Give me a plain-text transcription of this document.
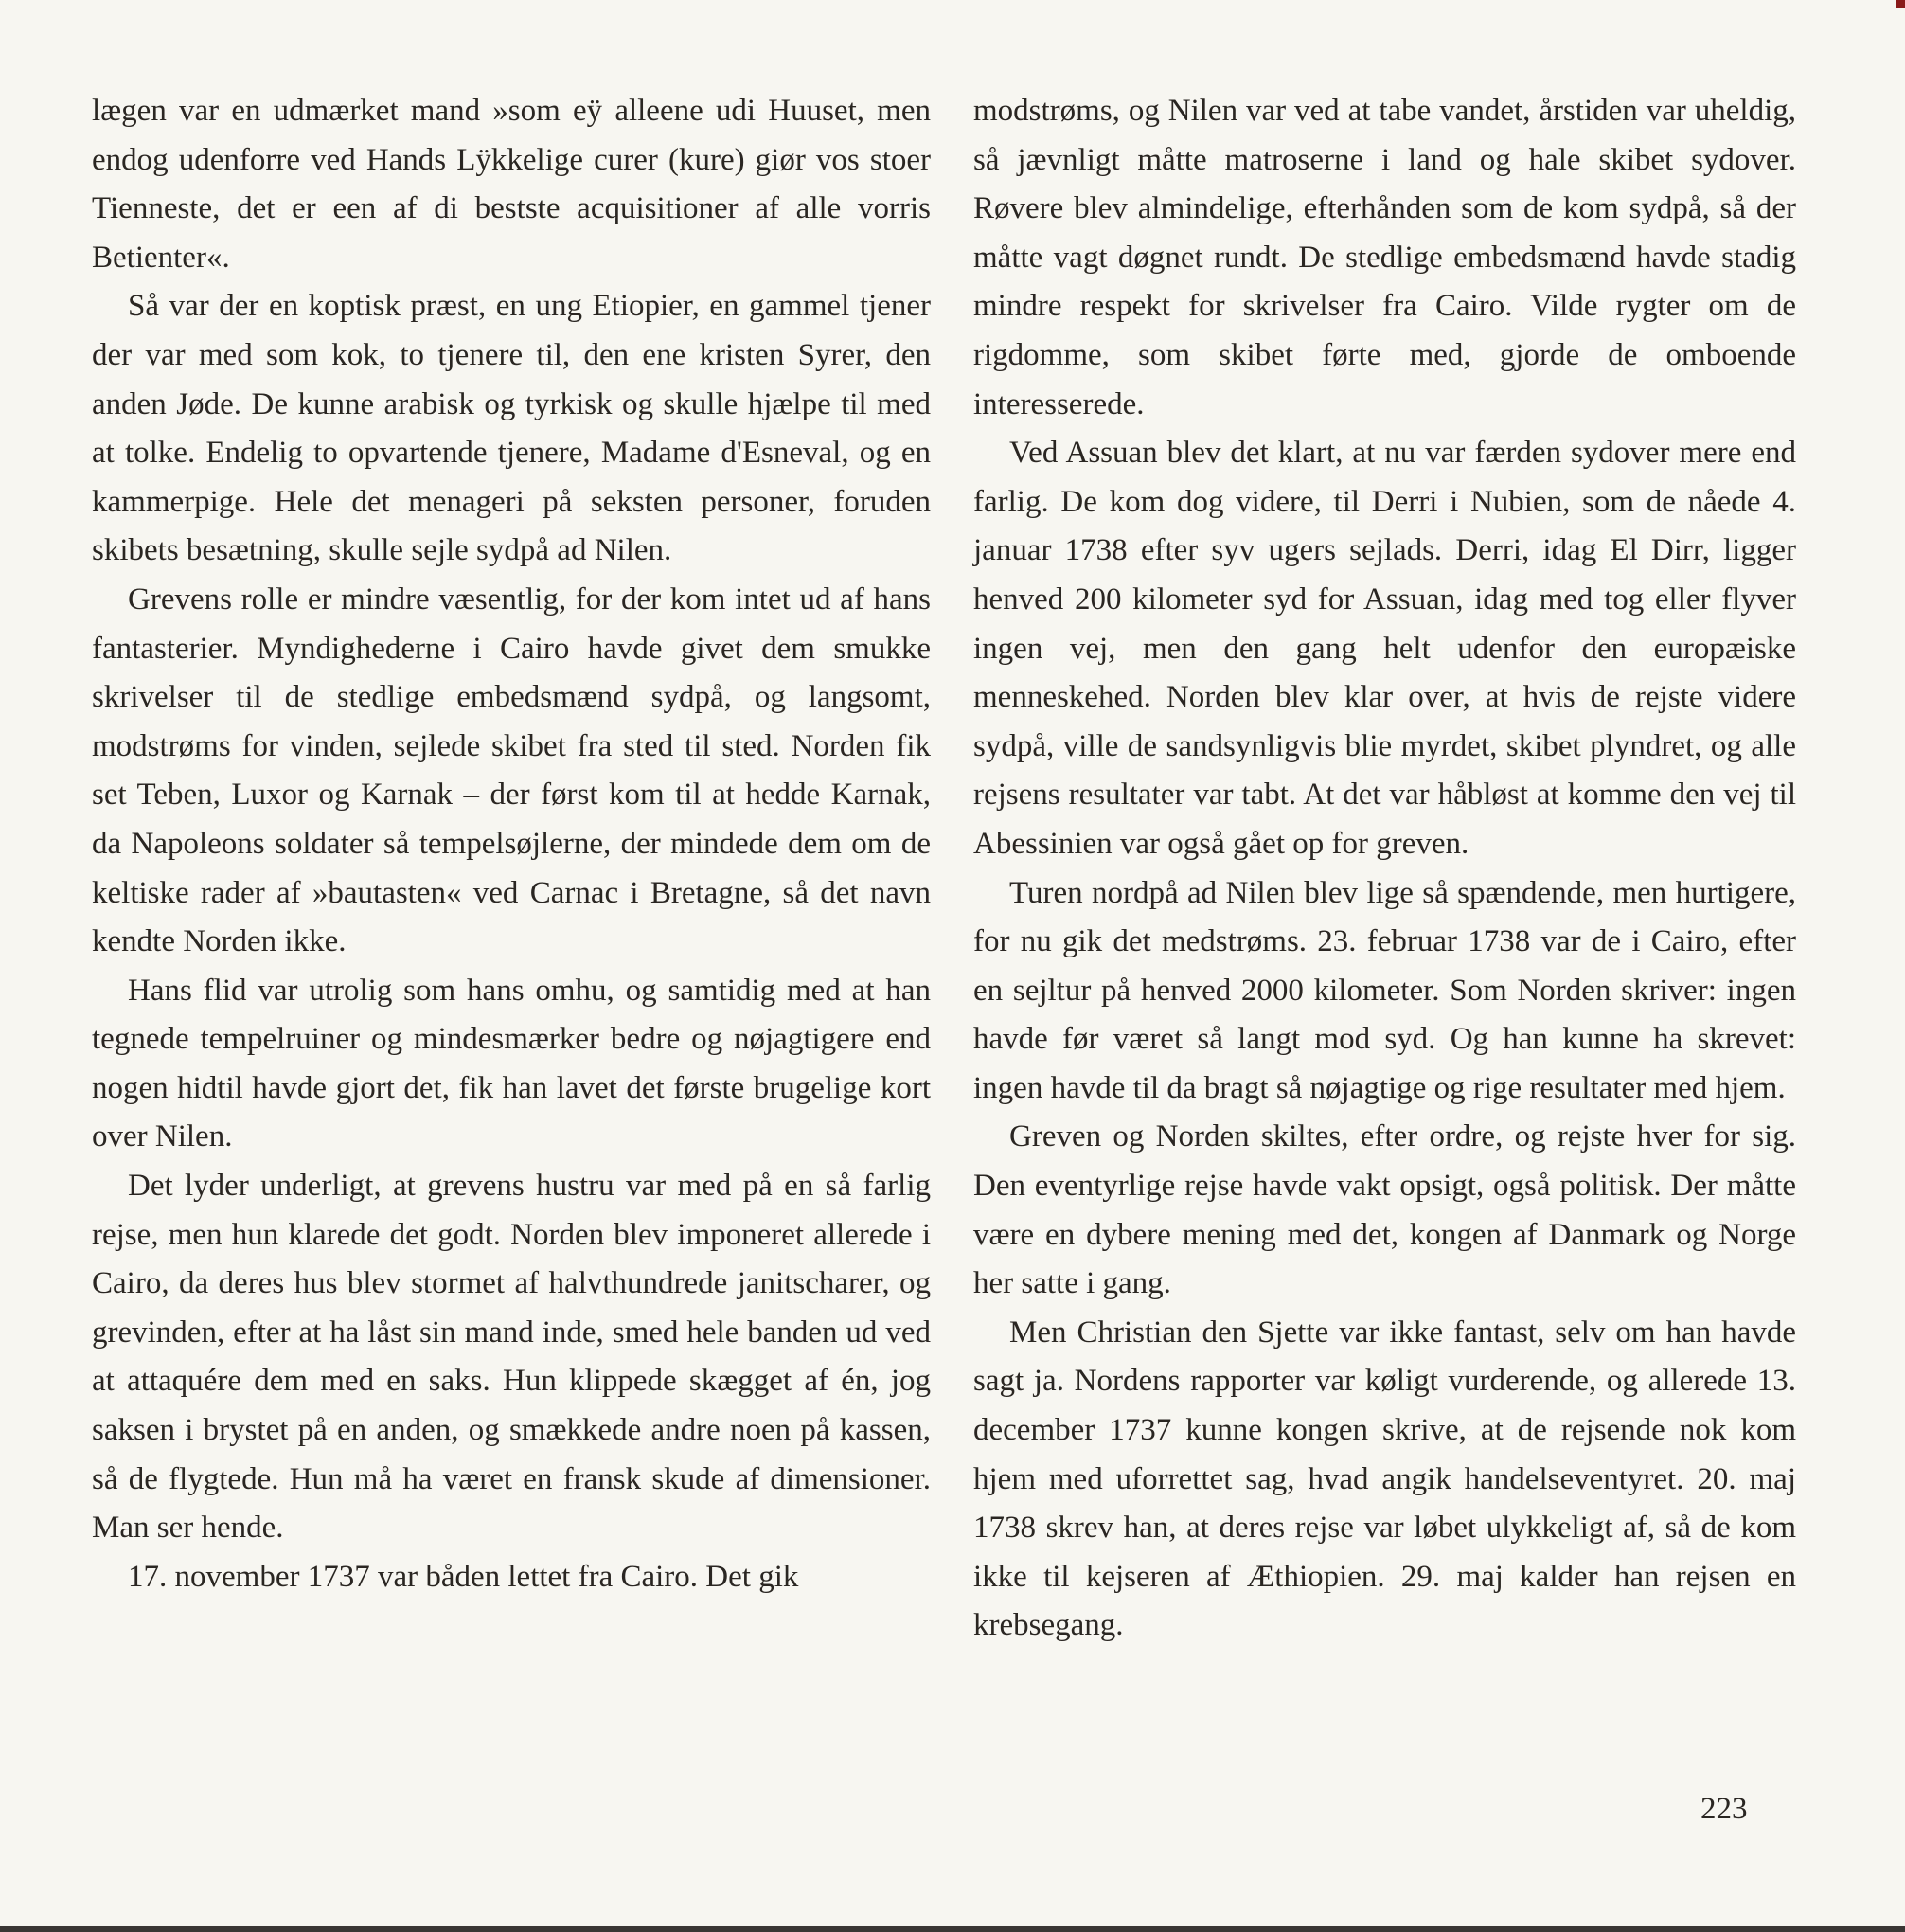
lægen var en udmærket mand »som eÿ alleene udi Huuset, men endog udenforre ved Hands Lÿkkelige curer (kure) giør vos stoer Tienneste, det er een af di bestste acquisitioner af alle vorris Betienter«.

Så var der en koptisk præst, en ung Etiopier, en gammel tjener der var med som kok, to tjenere til, den ene kristen Syrer, den anden Jøde. De kunne arabisk og tyrkisk og skulle hjælpe til med at tolke. Endelig to opvartende tjenere, Madame d'Esneval, og en kammerpige. Hele det menageri på seksten personer, foruden skibets besætning, skulle sejle sydpå ad Nilen.

Grevens rolle er mindre væsentlig, for der kom intet ud af hans fantasterier. Myndighederne i Cairo havde givet dem smukke skrivelser til de stedlige embedsmænd sydpå, og langsomt, modstrøms for vinden, sejlede skibet fra sted til sted. Norden fik set Teben, Luxor og Karnak – der først kom til at hedde Karnak, da Napoleons soldater så tempelsøjlerne, der mindede dem om de keltiske rader af »bautasten« ved Carnac i Bretagne, så det navn kendte Norden ikke.

Hans flid var utrolig som hans omhu, og samtidig med at han tegnede tempelruiner og mindesmærker bedre og nøjagtigere end nogen hidtil havde gjort det, fik han lavet det første brugelige kort over Nilen.

Det lyder underligt, at grevens hustru var med på en så farlig rejse, men hun klarede det godt. Norden blev imponeret allerede i Cairo, da deres hus blev stormet af halvthundrede janitscharer, og grevinden, efter at ha låst sin mand inde, smed hele banden ud ved at attaquére dem med en saks. Hun klippede skægget af én, jog saksen i brystet på en anden, og smækkede andre noen på kassen, så de flygtede. Hun må ha været en fransk skude af dimensioner. Man ser hende.

17. november 1737 var båden lettet fra Cairo. Det gik

modstrøms, og Nilen var ved at tabe vandet, årstiden var uheldig, så jævnligt måtte matroserne i land og hale skibet sydover. Røvere blev almindelige, efterhånden som de kom sydpå, så der måtte vagt døgnet rundt. De stedlige embedsmænd havde stadig mindre respekt for skrivelser fra Cairo. Vilde rygter om de rigdomme, som skibet førte med, gjorde de omboende interesserede.

Ved Assuan blev det klart, at nu var færden sydover mere end farlig. De kom dog videre, til Derri i Nubien, som de nåede 4. januar 1738 efter syv ugers sejlads. Derri, idag El Dirr, ligger henved 200 kilometer syd for Assuan, idag med tog eller flyver ingen vej, men den gang helt udenfor den europæiske menneskehed. Norden blev klar over, at hvis de rejste videre sydpå, ville de sandsynligvis blie myrdet, skibet plyndret, og alle rejsens resultater var tabt. At det var håbløst at komme den vej til Abessinien var også gået op for greven.

Turen nordpå ad Nilen blev lige så spændende, men hurtigere, for nu gik det medstrøms. 23. februar 1738 var de i Cairo, efter en sejltur på henved 2000 kilometer. Som Norden skriver: ingen havde før været så langt mod syd. Og han kunne ha skrevet: ingen havde til da bragt så nøjagtige og rige resultater med hjem.

Greven og Norden skiltes, efter ordre, og rejste hver for sig. Den eventyrlige rejse havde vakt opsigt, også politisk. Der måtte være en dybere mening med det, kongen af Danmark og Norge her satte i gang.

Men Christian den Sjette var ikke fantast, selv om han havde sagt ja. Nordens rapporter var køligt vurderende, og allerede 13. december 1737 kunne kongen skrive, at de rejsende nok kom hjem med uforrettet sag, hvad angik handelseventyret. 20. maj 1738 skrev han, at deres rejse var løbet ulykkeligt af, så de kom ikke til kejseren af Æthiopien. 29. maj kalder han rejsen en krebsegang.

223
